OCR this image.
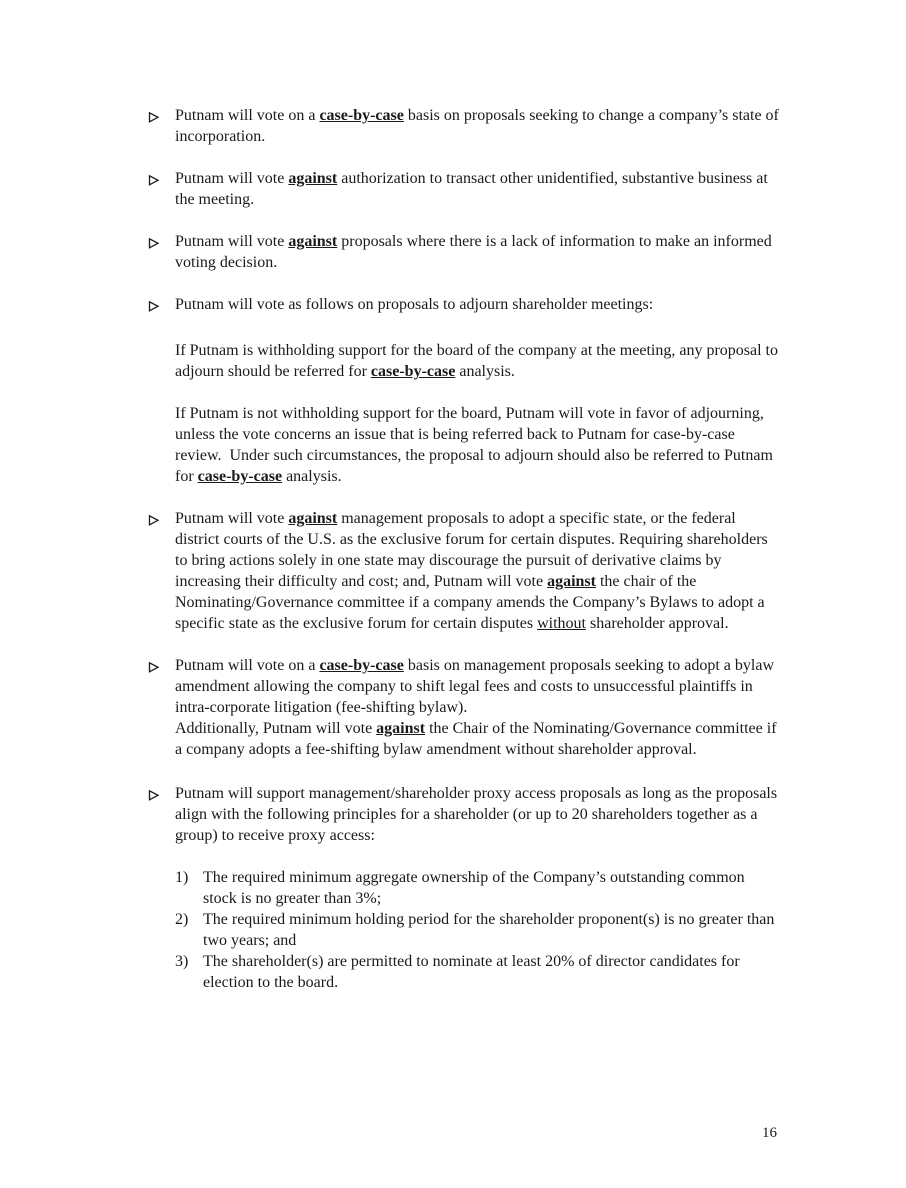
Putnam will vote on a case-by-case basis on proposals seeking to change a company’s state of incorporation.
Putnam will vote against authorization to transact other unidentified, substantive business at the meeting.
Putnam will vote against proposals where there is a lack of information to make an informed voting decision.
Putnam will vote as follows on proposals to adjourn shareholder meetings:
If Putnam is withholding support for the board of the company at the meeting, any proposal to adjourn should be referred for case-by-case analysis.
If Putnam is not withholding support for the board, Putnam will vote in favor of adjourning, unless the vote concerns an issue that is being referred back to Putnam for case-by-case review.  Under such circumstances, the proposal to adjourn should also be referred to Putnam for case-by-case analysis.
Putnam will vote against management proposals to adopt a specific state, or the federal district courts of the U.S. as the exclusive forum for certain disputes. Requiring shareholders to bring actions solely in one state may discourage the pursuit of derivative claims by increasing their difficulty and cost; and, Putnam will vote against the chair of the Nominating/Governance committee if a company amends the Company’s Bylaws to adopt a specific state as the exclusive forum for certain disputes without shareholder approval.
Putnam will vote on a case-by-case basis on management proposals seeking to adopt a bylaw amendment allowing the company to shift legal fees and costs to unsuccessful plaintiffs in intra-corporate litigation (fee-shifting bylaw).
Additionally, Putnam will vote against the Chair of the Nominating/Governance committee if a company adopts a fee-shifting bylaw amendment without shareholder approval.
Putnam will support management/shareholder proxy access proposals as long as the proposals align with the following principles for a shareholder (or up to 20 shareholders together as a group) to receive proxy access:
1) The required minimum aggregate ownership of the Company’s outstanding common stock is no greater than 3%;
2) The required minimum holding period for the shareholder proponent(s) is no greater than two years; and
3) The shareholder(s) are permitted to nominate at least 20% of director candidates for election to the board.
16
